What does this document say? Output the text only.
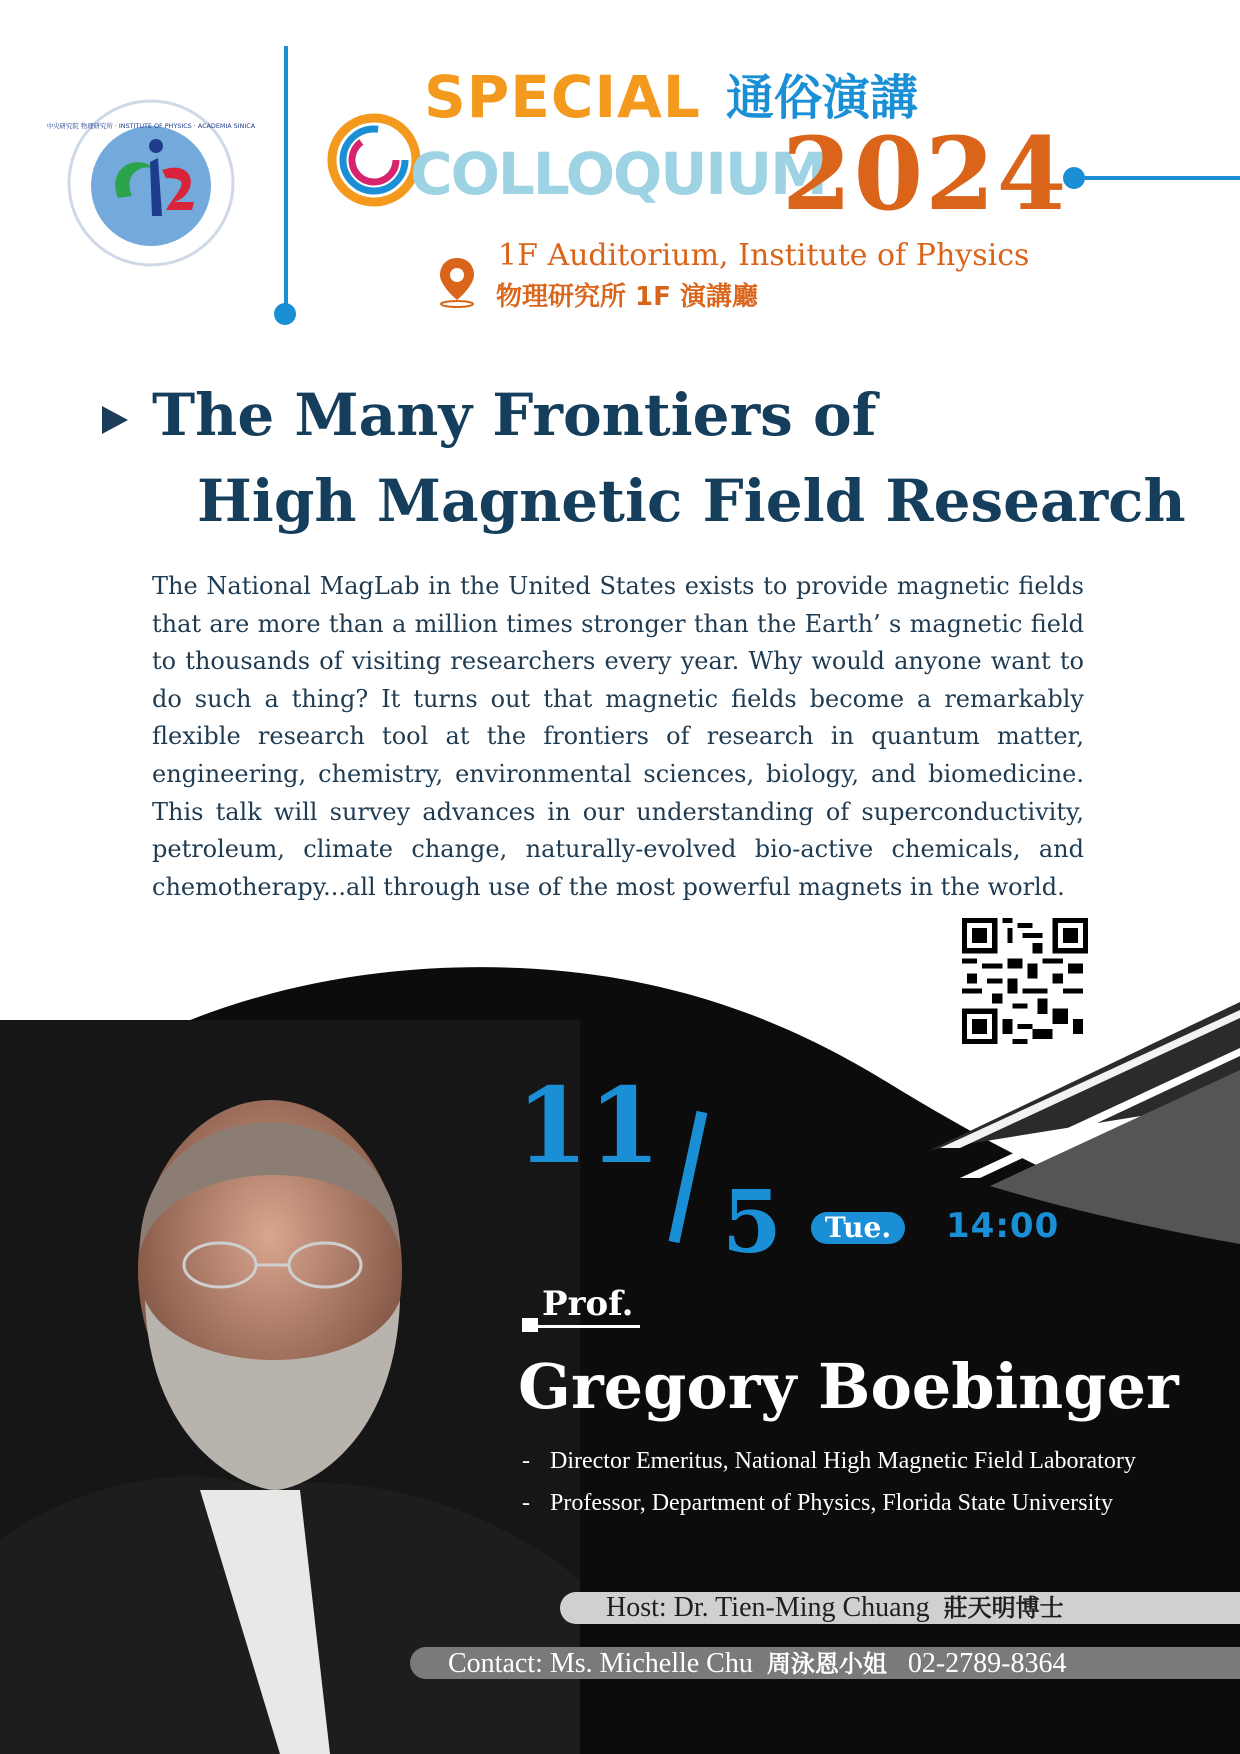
中央研究院 物理研究所 · INSTITUTE OF PHYSICS · ACADEMIA SINICA	SPECIAL 通俗演講
COLLOQUIUM
2024
1F Auditorium, Institute of Physics
物理研究所 1F 演講廳
The Many Frontiers of
High Magnetic Field Research

The National MagLab in the United States exists to provide magnetic fields that are more than a million times stronger than the Earth’ s magnetic field to thousands of visiting researchers every year. Why would anyone want to do such a thing? It turns out that magnetic fields become a remarkably flexible research tool at the frontiers of research in quantum matter, engineering, chemistry, environmental sciences, biology, and biomedicine. This talk will survey advances in our understanding of superconductivity, petroleum, climate change, naturally-evolved bio-active chemicals, and chemotherapy...all through use of the most powerful magnets in the world.

11
5	Tue.	14:00
Prof.
Gregory Boebinger
- Director Emeritus, National High Magnetic Field Laboratory
- Professor, Department of Physics, Florida State University
Host: Dr. Tien-Ming Chuang 莊天明博士
Contact: Ms. Michelle Chu 周泳恩小姐 02-2789-8364
